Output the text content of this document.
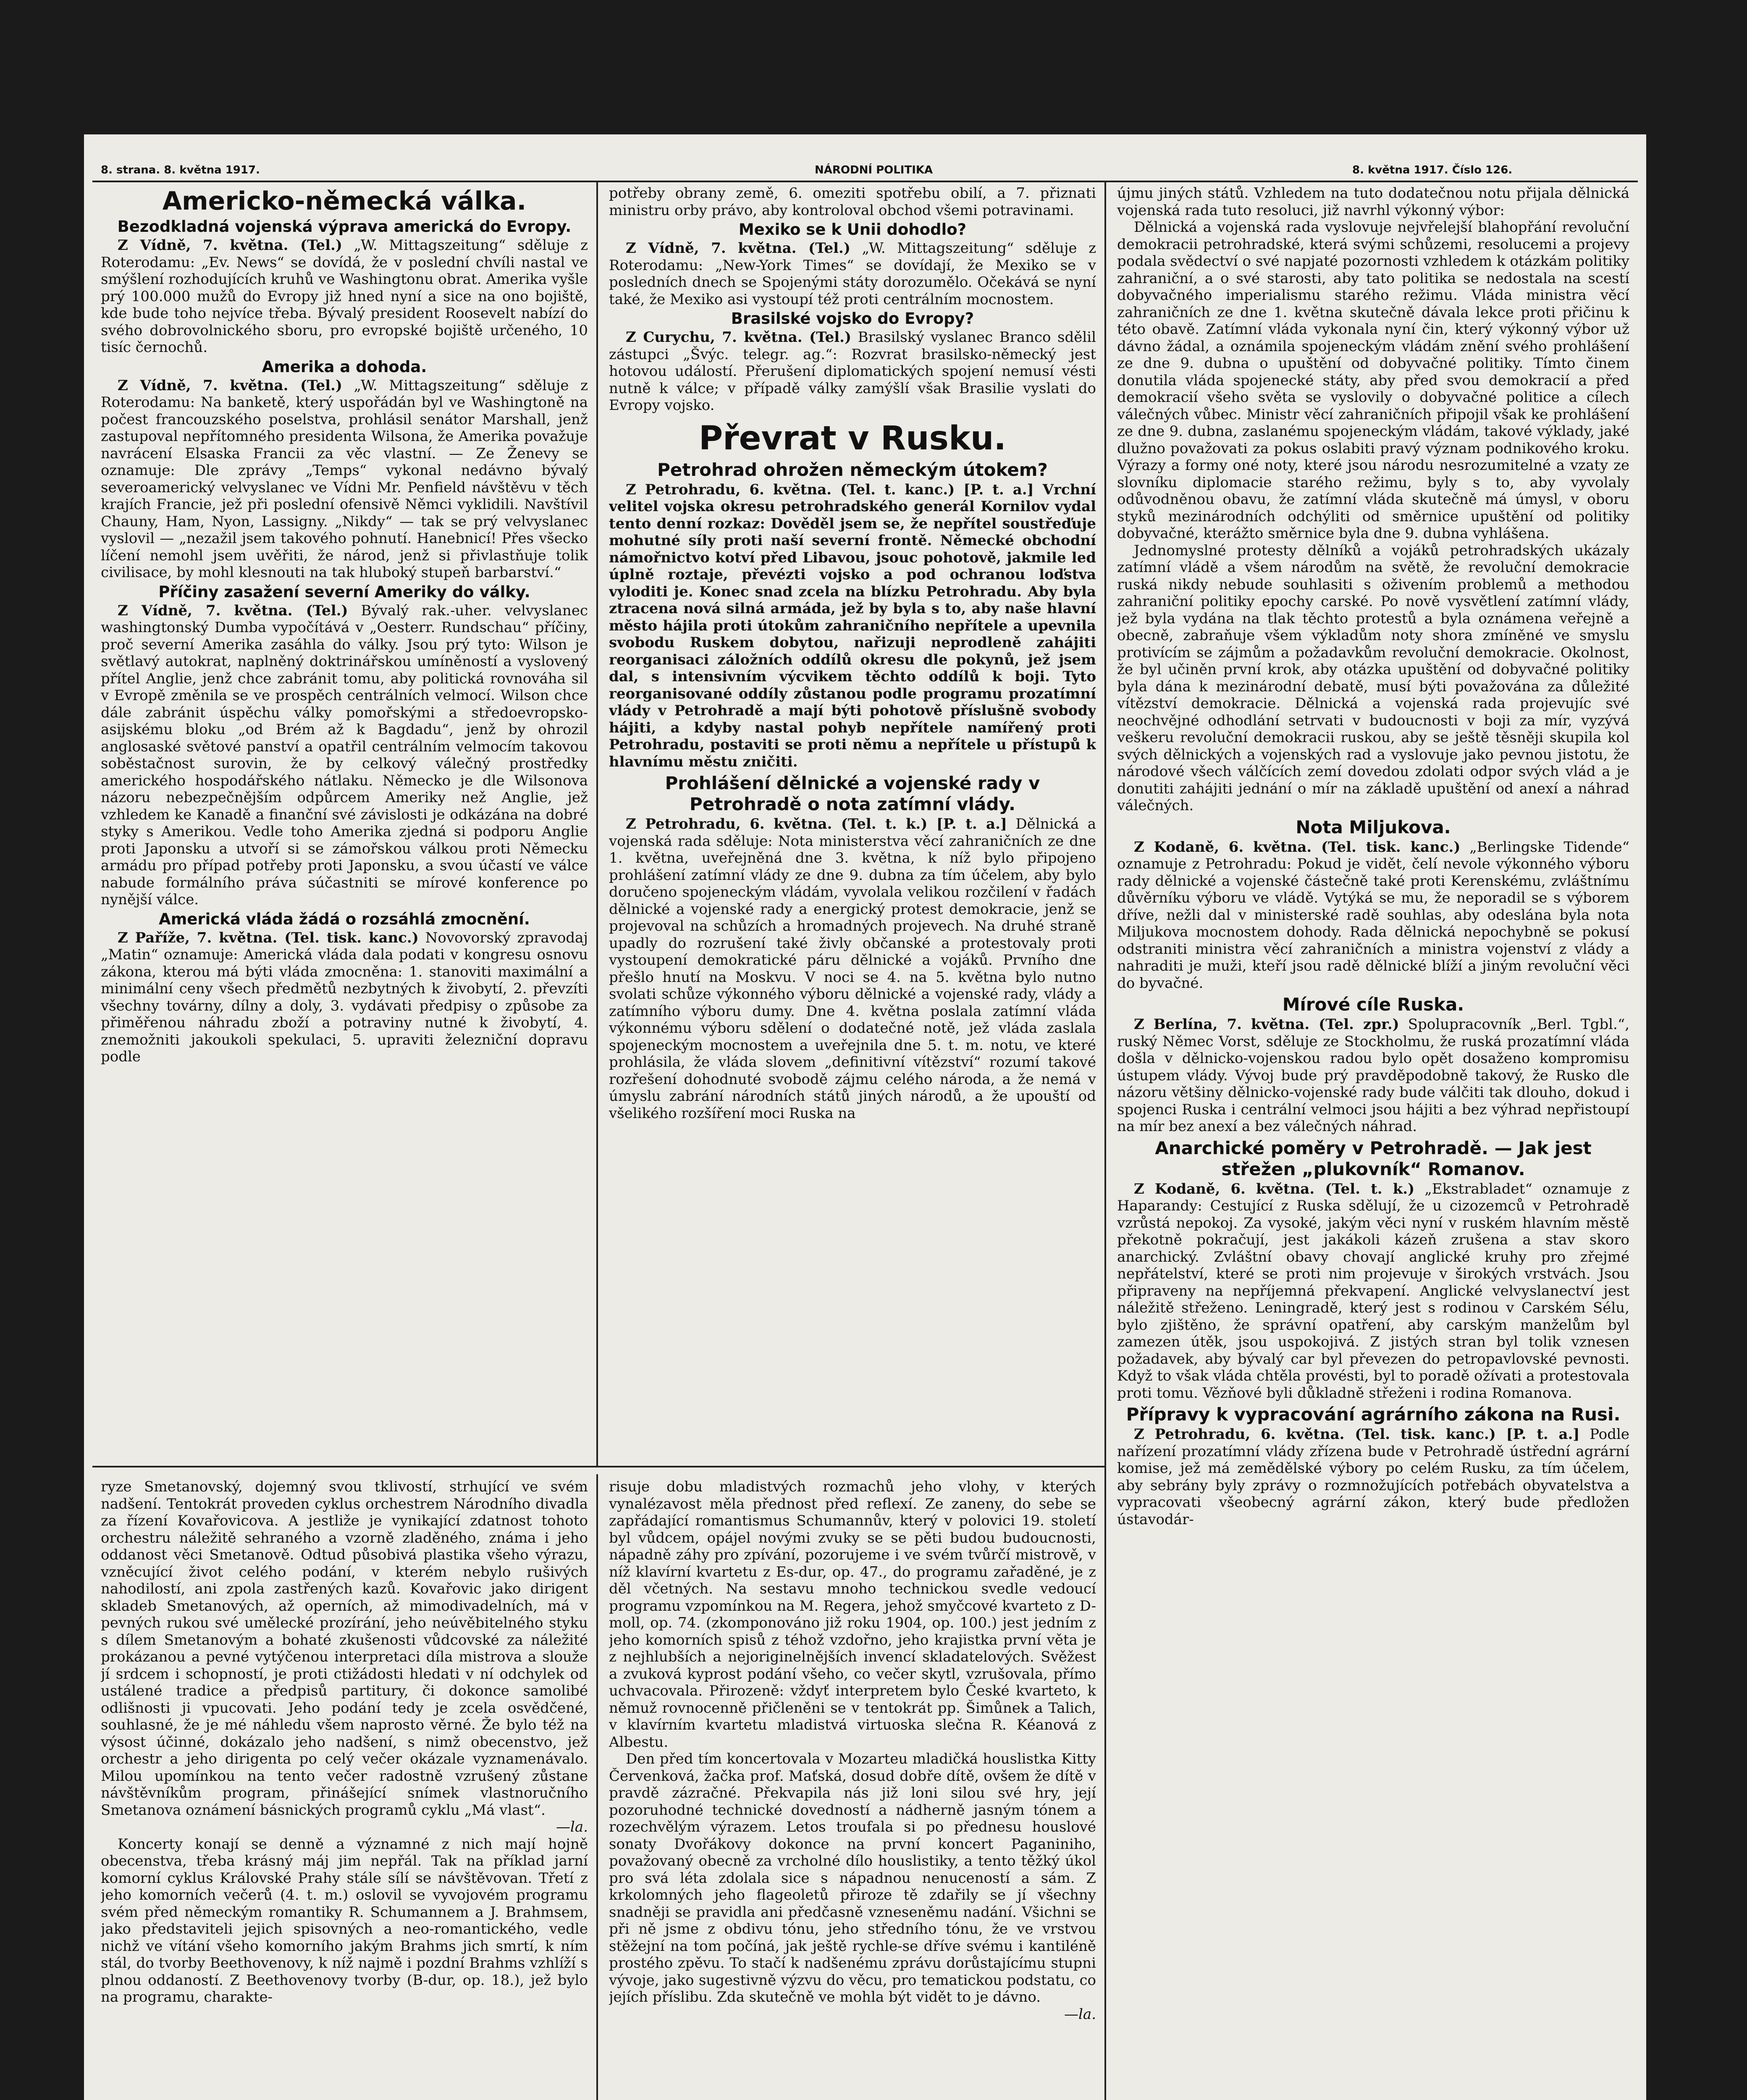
8. strana. 8. května 1917.	NÁRODNÍ POLITIKA	8. května 1917. Číslo 126.
Americko-německá válka.
Bezodkladná vojenská výprava americká do Evropy.

Z Vídně, 7. května. (Tel.) „W. Mittagszeitung“ sděluje z Roterodamu: „Ev. News“ se dovídá, že v poslední chvíli nastal ve smýšlení rozhodujících kruhů ve Washingtonu obrat. Amerika vyšle prý 100.000 mužů do Evropy již hned nyní a sice na ono bojiště, kde bude toho nejvíce třeba. Bývalý president Roosevelt nabízí do svého dobrovolnického sboru, pro evropské bojiště určeného, 10 tisíc černochů.

Amerika a dohoda.

Z Vídně, 7. května. (Tel.) „W. Mittagszeitung“ sděluje z Roterodamu: Na banketě, který uspořádán byl ve Washingtoně na počest francouzského poselstva, prohlásil senátor Marshall, jenž zastupoval nepřítomného presidenta Wilsona, že Amerika považuje navrácení Elsaska Francii za věc vlastní. — Ze Ženevy se oznamuje: Dle zprávy „Temps“ vykonal nedávno bývalý severoamerický velvyslanec ve Vídni Mr. Penfield návštěvu v těch krajích Francie, jež při poslední ofensivě Němci vyklidili. Navštívil Chauny, Ham, Nyon, Lassigny. „Nikdy“ — tak se prý velvyslanec vyslovil — „nezažil jsem takového pohnutí. Hanebnicí! Přes všecko líčení nemohl jsem uvěřiti, že národ, jenž si přivlastňuje tolik civilisace, by mohl klesnouti na tak hluboký stupeň barbarství.“

Příčiny zasažení severní Ameriky do války.

Z Vídně, 7. května. (Tel.) Bývalý rak.-uher. velvyslanec washingtonský Dumba vypočítává v „Oesterr. Rundschau“ příčiny, proč severní Amerika zasáhla do války. Jsou prý tyto: Wilson je světlavý autokrat, naplněný doktrinářskou umíněností a vyslovený přítel Anglie, jenž chce zabránit tomu, aby politická rovnováha sil v Evropě změnila se ve prospěch centrálních velmocí. Wilson chce dále zabránit úspěchu války pomořskými a středoevropsko-asijskému bloku „od Brém až k Bagdadu“, jenž by ohrozil anglosaské světové panství a opatřil centrálním velmocím takovou soběstačnost surovin, že by celkový válečný prostředky amerického hospodářského nátlaku. Německo je dle Wilsonova názoru nebezpečnějším odpůrcem Ameriky než Anglie, jež vzhledem ke Kanadě a finanční své závislosti je odkázána na dobré styky s Amerikou. Vedle toho Amerika zjedná si podporu Anglie proti Japonsku a utvoří si se zámořskou válkou proti Německu armádu pro případ potřeby proti Japonsku, a svou účastí ve válce nabude formálního práva súčastniti se mírové konference po nynější válce.

Americká vláda žádá o rozsáhlá zmocnění.

Z Paříže, 7. května. (Tel. tisk. kanc.) Novovorský zpravodaj „Matin“ oznamuje: Americká vláda dala podati v kongresu osnovu zákona, kterou má býti vláda zmocněna: 1. stanoviti maximální a minimální ceny všech předmětů nezbytných k živobytí, 2. převzíti všechny továrny, dílny a doly, 3. vydávati předpisy o způsobe za přiměřenou náhradu zboží a potraviny nutné k živobytí, 4. znemožniti jakoukoli spekulaci, 5. upraviti železniční dopravu podle

potřeby obrany země, 6. omeziti spotřebu obilí, a 7. přiznati ministru orby právo, aby kontroloval obchod všemi potravinami.

Mexiko se k Unii dohodlo?

Z Vídně, 7. května. (Tel.) „W. Mittagszeitung“ sděluje z Roterodamu: „New-York Times“ se dovídají, že Mexiko se v posledních dnech se Spojenými státy dorozumělo. Očekává se nyní také, že Mexiko asi vystoupí též proti centrálním mocnostem.

Brasilské vojsko do Evropy?

Z Curychu, 7. května. (Tel.) Brasilský vyslanec Branco sdělil zástupci „Švýc. telegr. ag.“: Rozvrat brasilsko-německý jest hotovou událostí. Přerušení diplomatických spojení nemusí vésti nutně k válce; v případě války zamýšlí však Brasilie vyslati do Evropy vojsko.

Převrat v Rusku.
Petrohrad ohrožen německým útokem?

Z Petrohradu, 6. května. (Tel. t. kanc.) [P. t. a.] Vrchní velitel vojska okresu petrohradského generál Kornilov vydal tento denní rozkaz: Dověděl jsem se, že nepřítel soustřeďuje mohutné síly proti naší severní frontě. Německé obchodní námořnictvo kotví před Libavou, jsouc pohotově, jakmile led úplně roztaje, převézti vojsko a pod ochranou loďstva vyloditi je. Konec snad zcela na blízku Petrohradu. Aby byla ztracena nová silná armáda, jež by byla s to, aby naše hlavní město hájila proti útokům zahraničního nepřítele a upevnila svobodu Ruskem dobytou, nařizuji neprodleně zahájiti reorganisaci záložních oddílů okresu dle pokynů, jež jsem dal, s intensivním výcvikem těchto oddílů k boji. Tyto reorganisované oddíly zůstanou podle programu prozatímní vlády v Petrohradě a mají býti pohotově příslušně svobody hájiti, a kdyby nastal pohyb nepřítele namířený proti Petrohradu, postaviti se proti němu a nepřítele u přístupů k hlavnímu městu zničiti.

Prohlášení dělnické a vojenské rady v Petrohradě o nota zatímní vlády.

Z Petrohradu, 6. května. (Tel. t. k.) [P. t. a.] Dělnická a vojenská rada sděluje: Nota ministerstva věcí zahraničních ze dne 1. května, uveřejněná dne 3. května, k níž bylo připojeno prohlášení zatímní vlády ze dne 9. dubna za tím účelem, aby bylo doručeno spojeneckým vládám, vyvolala velikou rozčilení v řadách dělnické a vojenské rady a energický protest demokracie, jenž se projevoval na schůzích a hromadných projevech. Na druhé straně upadly do rozrušení také živly občanské a protestovaly proti vystoupení demokratické páru dělnické a vojáků. Prvního dne přešlo hnutí na Moskvu. V noci se 4. na 5. května bylo nutno svolati schůze výkonného výboru dělnické a vojenské rady, vlády a zatímního výboru dumy. Dne 4. května poslala zatímní vláda výkonnému výboru sdělení o dodatečné notě, jež vláda zaslala spojeneckým mocnostem a uveřejnila dne 5. t. m. notu, ve které prohlásila, že vláda slovem „definitivní vítězství“ rozumí takové rozřešení dohodnuté svobodě zájmu celého národa, a že nemá v úmyslu zabrání národních států jiných národů, a že upouští od všelikého rozšíření moci Ruska na

újmu jiných států. Vzhledem na tuto dodatečnou notu přijala dělnická vojenská rada tuto resoluci, již navrhl výkonný výbor:

Dělnická a vojenská rada vyslovuje nejvřelejší blahopřání revoluční demokracii petrohradské, která svými schůzemi, resolucemi a projevy podala svědectví o své napjaté pozornosti vzhledem k otázkám politiky zahraniční, a o své starosti, aby tato politika se nedostala na scestí dobyvačného imperialismu starého režimu. Vláda ministra věcí zahraničních ze dne 1. května skutečně dávala lekce proti přičinu k této obavě. Zatímní vláda vykonala nyní čin, který výkonný výbor už dávno žádal, a oznámila spojeneckým vládám znění svého prohlášení ze dne 9. dubna o upuštění od dobyvačné politiky. Tímto činem donutila vláda spojenecké státy, aby před svou demokracií a před demokracií všeho světa se vyslovily o dobyvačné politice a cílech válečných vůbec. Ministr věcí zahraničních připojil však ke prohlášení ze dne 9. dubna, zaslanému spojeneckým vládám, takové výklady, jaké dlužno považovati za pokus oslabiti pravý význam podnikového kroku. Výrazy a formy oné noty, které jsou národu nesrozumitelné a vzaty ze slovníku diplomacie starého režimu, byly s to, aby vyvolaly odůvodněnou obavu, že zatímní vláda skutečně má úmysl, v oboru styků mezinárodních odchýliti od směrnice upuštění od politiky dobyvačné, kterážto směrnice byla dne 9. dubna vyhlášena.

Jednomyslné protesty dělníků a vojáků petrohradských ukázaly zatímní vládě a všem národům na světě, že revoluční demokracie ruská nikdy nebude souhlasiti s oživením problemů a methodou zahraniční politiky epochy carské. Po nově vysvětlení zatímní vlády, jež byla vydána na tlak těchto protestů a byla oznámena veřejně a obecně, zabraňuje všem výkladům noty shora zmíněné ve smyslu protivícím se zájmům a požadavkům revoluční demokracie. Okolnost, že byl učiněn první krok, aby otázka upuštění od dobyvačné politiky byla dána k mezinárodní debatě, musí býti považována za důležité vítězství demokracie. Dělnická a vojenská rada projevujíc své neochvějné odhodlání setrvati v budoucnosti v boji za mír, vyzývá veškeru revoluční demokracii ruskou, aby se ještě těsněji skupila kol svých dělnických a vojenských rad a vyslovuje jako pevnou jistotu, že národové všech válčících zemí dovedou zdolati odpor svých vlád a je donutiti zahájiti jednání o mír na základě upuštění od anexí a náhrad válečných.

Nota Miljukova.

Z Kodaně, 6. května. (Tel. tisk. kanc.) „Berlingske Tidende“ oznamuje z Petrohradu: Pokud je vidět, čelí nevole výkonného výboru rady dělnické a vojenské částečně také proti Kerenskému, zvláštnímu důvěrníku výboru ve vládě. Vytýká se mu, že neporadil se s výborem dříve, nežli dal v ministerské radě souhlas, aby odeslána byla nota Miljukova mocnostem dohody. Rada dělnická nepochybně se pokusí odstraniti ministra věcí zahraničních a ministra vojenství z vlády a nahraditi je muži, kteří jsou radě dělnické blíží a jiným revoluční věci do byvačné.

Mírové cíle Ruska.

Z Berlína, 7. května. (Tel. zpr.) Spolupracovník „Berl. Tgbl.“, ruský Němec Vorst, sděluje ze Stockholmu, že ruská prozatímní vláda došla v dělnicko-vojenskou radou bylo opět dosaženo kompromisu ústupem vlády. Vývoj bude prý pravděpodobně takový, že Rusko dle názoru většiny dělnicko-vojenské rady bude válčiti tak dlouho, dokud i spojenci Ruska i centrální velmoci jsou hájiti a bez výhrad nepřistoupí na mír bez anexí a bez válečných náhrad.

Anarchické poměry v Petrohradě. — Jak jest střežen „plukovník“ Romanov.

Z Kodaně, 6. května. (Tel. t. k.) „Ekstrabladet“ oznamuje z Haparandy: Cestující z Ruska sdělují, že u cizozemců v Petrohradě vzrůstá nepokoj. Za vysoké, jakým věci nyní v ruském hlavním městě překotně pokračují, jest jakákoli kázeň zrušena a stav skoro anarchický. Zvláštní obavy chovají anglické kruhy pro zřejmé nepřátelství, které se proti nim projevuje v širokých vrstvách. Jsou připraveny na nepříjemná překvapení. Anglické velvyslanectví jest náležitě střeženo. Leningradě, který jest s rodinou v Carském Sélu, bylo zjištěno, že správní opatření, aby carským manželům byl zamezen útěk, jsou uspokojivá. Z jistých stran byl tolik vznesen požadavek, aby bývalý car byl převezen do petropavlovské pevnosti. Když to však vláda chtěla provésti, byl to poradě ožívati a protestovala proti tomu. Vězňové byli důkladně střeženi i rodina Romanova.

Přípravy k vypracování agrárního zákona na Rusi.

Z Petrohradu, 6. května. (Tel. tisk. kanc.) [P. t. a.] Podle nařízení prozatímní vlády zřízena bude v Petrohradě ústřední agrární komise, jež má zemědělské výbory po celém Rusku, za tím účelem, aby sebrány byly zprávy o rozmnožujících potřebách obyvatelstva a vypracovati všeobecný agrární zákon, který bude předložen ústavodár-

ryze Smetanovský, dojemný svou tklivostí, strhující ve svém nadšení. Tentokrát proveden cyklus orchestrem Národního divadla za řízení Kovařovicova. A jestliže je vynikající zdatnost tohoto orchestru náležitě sehraného a vzorně zladěného, známa i jeho oddanost věci Smetanově. Odtud působivá plastika všeho výrazu, vzněcující život celého podání, v kterém nebylo rušivých nahodilostí, ani zpola zastřených kazů. Kovařovic jako dirigent skladeb Smetanových, až operních, až mimodivadelních, má v pevných rukou své umělecké prozírání, jeho neúvěbitelného styku s dílem Smetanovým a bohaté zkušenosti vůdcovské za náležité prokázanou a pevné vytýčenou interpretaci díla mistrova a slouže jí srdcem i schopností, je proti ctižádosti hledati v ní odchylek od ustálené tradice a předpisů partitury, či dokonce samolibé odlišnosti ji vpucovati. Jeho podání tedy je zcela osvědčené, souhlasné, že je mé náhledu všem naprosto věrné. Že bylo též na výsost účinné, dokázalo jeho nadšení, s nimž obecenstvo, jež orchestr a jeho dirigenta po celý večer okázale vyznamenávalo. Milou upomínkou na tento večer radostně vzrušený zůstane návštěvníkům program, přinášející snímek vlastnoručního Smetanova oznámení básnických programů cyklu „Má vlast“.

—la.

Koncerty konají se denně a významné z nich mají hojně obecenstva, třeba krásný máj jim nepřál. Tak na příklad jarní komorní cyklus Královské Prahy stále sílí se návštěvovan. Třetí z jeho komorních večerů (4. t. m.) oslovil se vyvojovém programu svém před německým romantiky R. Schumannem a J. Brahmsem, jako představiteli jejich spisovných a neo-romantického, vedle nichž ve vítání všeho komorního jakým Brahms jich smrtí, k ním stál, do tvorby Beethovenovy, k níž najmě i pozdní Brahms vzhlíží s plnou oddaností. Z Beethovenovy tvorby (B-dur, op. 18.), jež bylo na programu, charakte-

risuje dobu mladistvých rozmachů jeho vlohy, v kterých vynalézavost měla přednost před reflexí. Ze zaneny, do sebe se zapřádající romantismus Schumannův, který v polovici 19. století byl vůdcem, opájel novými zvuky se se pěti budou budoucnosti, nápadně záhy pro zpívání, pozorujeme i ve svém tvůrčí mistrově, v níž klavírní kvartetu z Es-dur, op. 47., do programu zařaděné, je z děl včetných. Na sestavu mnoho technickou svedle vedoucí programu vzpomínkou na M. Regera, jehož smyčcové kvarteto z D-moll, op. 74. (zkomponováno již roku 1904, op. 100.) jest jedním z jeho komorních spisů z téhož vzdořno, jeho krajistka první věta je z nejhlubších a nejoriginelnějších invencí skladatelových. Svěžest a zvuková kyprost podání všeho, co večer skytl, vzrušovala, přímo uchvacovala. Přirozeně: vždyť interpretem bylo České kvarteto, k němuž rovnocenně přičleněni se v tentokrát pp. Šimůnek a Talich, v klavírním kvartetu mladistvá virtuoska slečna R. Kéanová z Albestu.

Den před tím koncertovala v Mozarteu mladičká houslistka Kitty Červenková, žačka prof. Maťská, dosud dobře dítě, ovšem že dítě v pravdě zázračné. Překvapila nás již loni silou své hry, její pozoruhodné technické dovedností a nádherně jasným tónem a rozechvělým výrazem. Letos troufala si po přednesu houslové sonaty Dvořákovy dokonce na první koncert Paganiniho, považovaný obecně za vrcholné dílo houslistiky, a tento těžký úkol pro svá léta zdolala sice s nápadnou nenuceností a sám. Z krkolomných jeho flageoletů přiroze tě zdařily se jí všechny snadněji se pravidla ani předčasně vzneseněmu nadání. Všichni se při ně jsme z obdivu tónu, jeho středního tónu, že ve vrstvou stěžejní na tom počíná, jak ještě rychle-se dříve svému i kantiléně prostého zpěvu. To stačí k nadšenému zprávu dorůstajícímu stupni vývoje, jako sugestivně výzvu do věcu, pro tematickou podstatu, co jejích příslibu. Zda skutečně ve mohla být vidět to je dávno.

—la.
